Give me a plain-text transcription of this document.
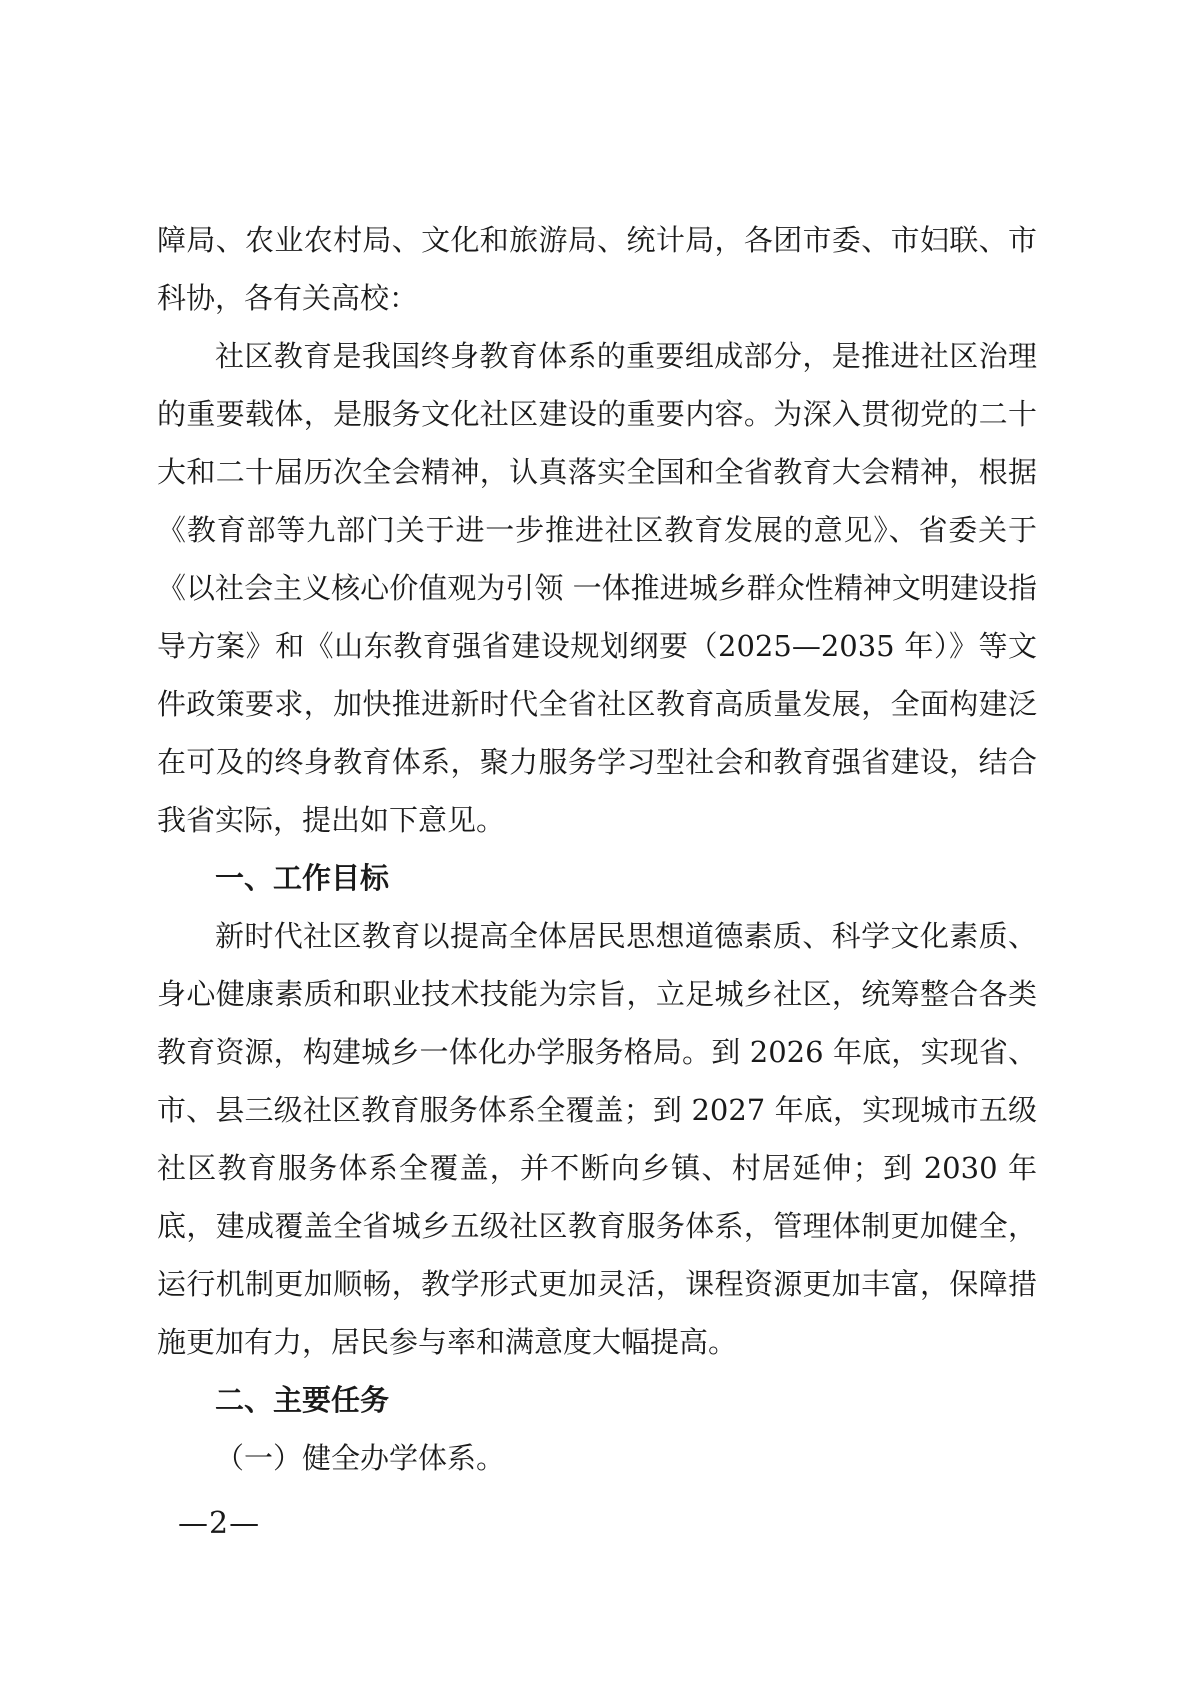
障局、农业农村局、文化和旅游局、统计局，各团市委、市妇联、市科协，各有关高校：

社区教育是我国终身教育体系的重要组成部分，是推进社区治理的重要载体，是服务文化社区建设的重要内容。为深入贯彻党的二十大和二十届历次全会精神，认真落实全国和全省教育大会精神，根据《教育部等九部门关于进一步推进社区教育发展的意见》、省委关于《以社会主义核心价值观为引领 一体推进城乡群众性精神文明建设指导方案》和《山东教育强省建设规划纲要（2025—2035 年）》等文件政策要求，加快推进新时代全省社区教育高质量发展，全面构建泛在可及的终身教育体系，聚力服务学习型社会和教育强省建设，结合我省实际，提出如下意见。

一、工作目标

新时代社区教育以提高全体居民思想道德素质、科学文化素质、身心健康素质和职业技术技能为宗旨，立足城乡社区，统筹整合各类教育资源，构建城乡一体化办学服务格局。到 2026 年底，实现省、市、县三级社区教育服务体系全覆盖；到 2027 年底，实现城市五级社区教育服务体系全覆盖，并不断向乡镇、村居延伸；到 2030 年底，建成覆盖全省城乡五级社区教育服务体系，管理体制更加健全，运行机制更加顺畅，教学形式更加灵活，课程资源更加丰富，保障措施更加有力，居民参与率和满意度大幅提高。

二、主要任务

（一）健全办学体系。

—2—
